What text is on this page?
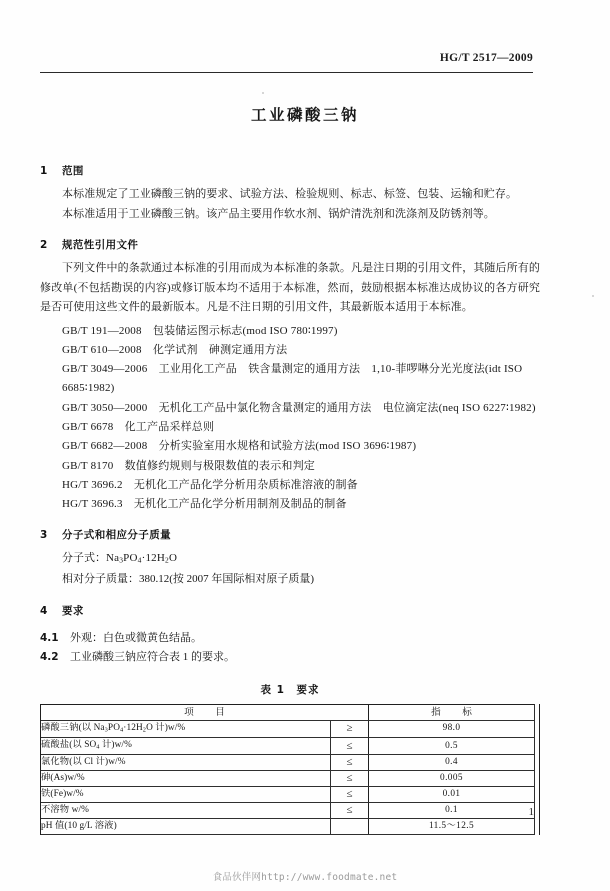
HG/T 2517—2009
工业磷酸三钠
1 范围

本标准规定了工业磷酸三钠的要求、试验方法、检验规则、标志、标签、包装、运输和贮存。

本标准适用于工业磷酸三钠。该产品主要用作软水剂、锅炉清洗剂和洗涤剂及防锈剂等。

2 规范性引用文件

下列文件中的条款通过本标准的引用而成为本标准的条款。凡是注日期的引用文件，其随后所有的修改单(不包括勘误的内容)或修订版本均不适用于本标准，然而，鼓励根据本标准达成协议的各方研究是否可使用这些文件的最新版本。凡是不注日期的引用文件，其最新版本适用于本标准。

GB/T 191—2008　包装储运图示标志(mod ISO 780∶1997)

GB/T 610—2008　化学试剂　砷测定通用方法

GB/T 3049—2006　工业用化工产品　铁含量测定的通用方法　1,10-菲啰啉分光光度法(idt ISO 6685∶1982)

GB/T 3050—2000　无机化工产品中氯化物含量测定的通用方法　电位滴定法(neq ISO 6227∶1982)

GB/T 6678　化工产品采样总则

GB/T 6682—2008　分析实验室用水规格和试验方法(mod ISO 3696∶1987)

GB/T 8170　数值修约规则与极限数值的表示和判定

HG/T 3696.2　无机化工产品化学分析用杂质标准溶液的制备

HG/T 3696.3　无机化工产品化学分析用制剂及制品的制备

3 分子式和相应分子质量

分子式：$Na_3PO_4\cdot 12H_2O$

相对分子质量：380.12(按 2007 年国际相对原子质量)

4 要求

4.1 外观：白色或微黄色结晶。

4.2 工业磷酸三钠应符合表 1 的要求。

表 1　要求
项　目		指　标
磷酸三钠(以 $Na_3PO_4\cdot 12H_2O$ 计)w/%	≥	98.0
硫酸盐(以 $SO_4$ 计)w/%	≤	0.5
氯化物(以 Cl 计)w/%	≤	0.4
砷(As)w/%	≤	0.005
铁(Fe)w/%	≤	0.01
不溶物 w/%	≤	0.1
pH 值(10 g/L 溶液)		11.5～12.5
1
食品伙伴网http://www.foodmate.net
